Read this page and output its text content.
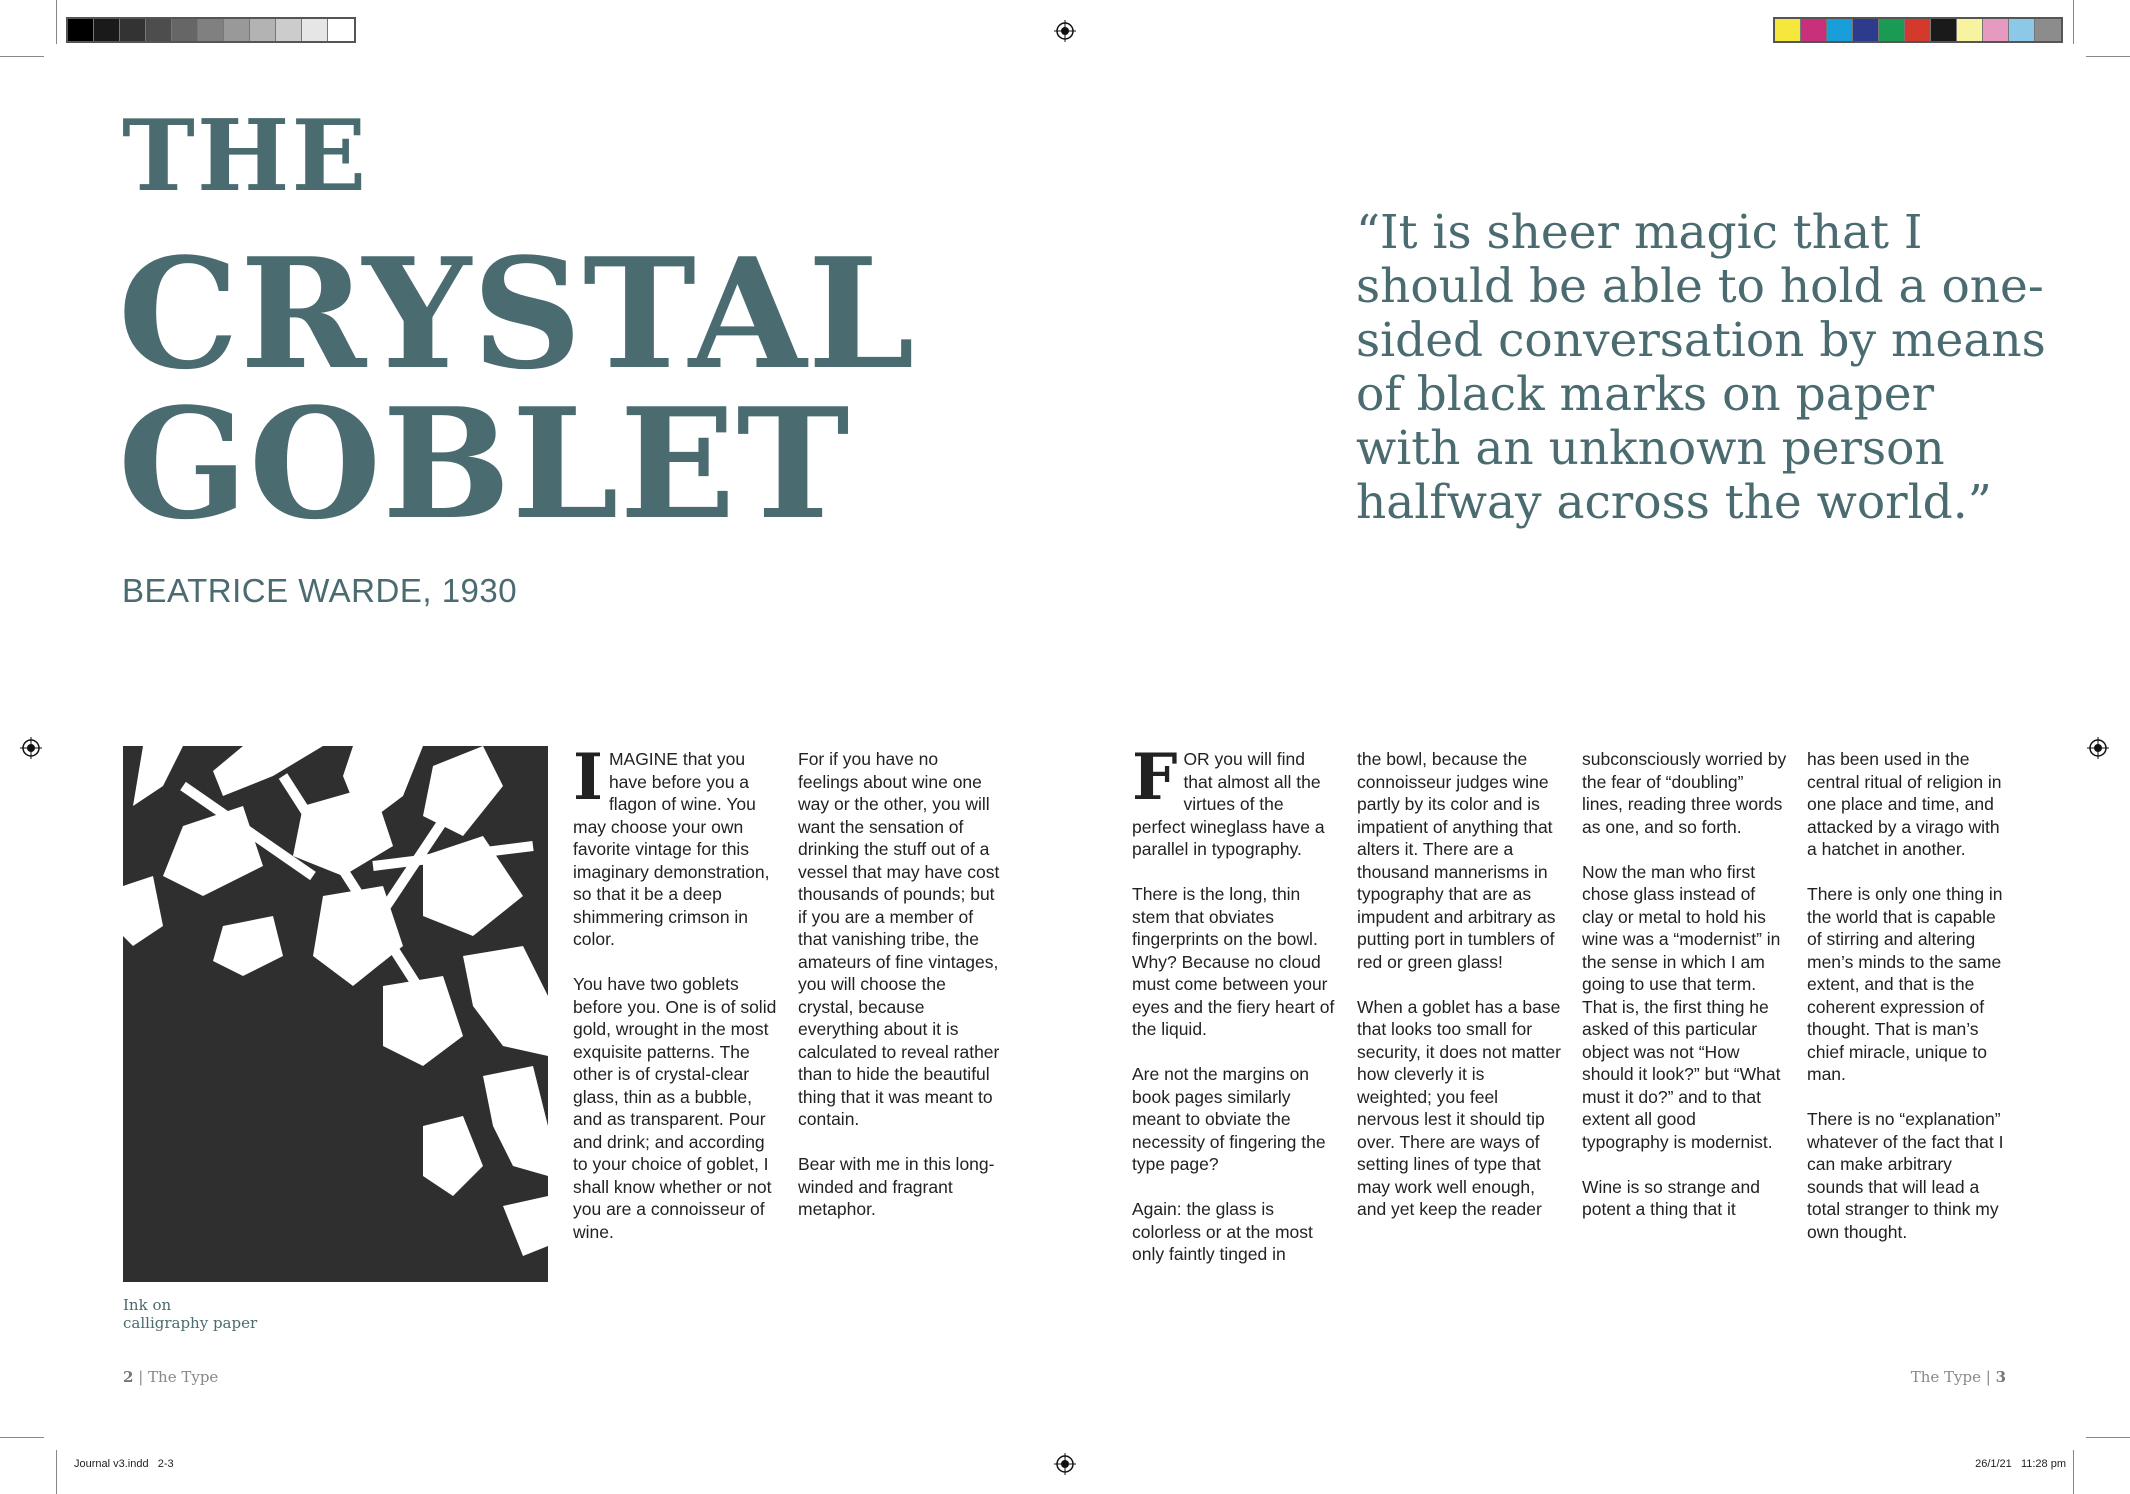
THE
CRYSTAL
GOBLET
BEATRICE WARDE, 1930
“It is sheer magic that I should be able to hold a one-sided conversation by means of black marks on paper with an unknown person halfway across the world.”
Ink on
calligraphy paper

IMAGINE that you have before you a flagon of wine. You may choose your own favorite vintage for this imaginary demonstration, so that it be a deep shimmering crimson in color.

You have two goblets before you. One is of solid gold, wrought in the most exquisite patterns. The other is of crystal-clear glass, thin as a bubble, and as transparent. Pour and drink; and according to your choice of goblet, I shall know whether or not you are a connoisseur of wine.

For if you have no feelings about wine one way or the other, you will want the sensation of drinking the stuff out of a vessel that may have cost thousands of pounds; but if you are a member of that vanishing tribe, the amateurs of fine vintages, you will choose the crystal, because everything about it is calculated to reveal rather than to hide the beautiful thing that it was meant to contain.

Bear with me in this long-winded and fragrant metaphor.

FOR you will find that almost all the virtues of the perfect wineglass have a parallel in typography.

There is the long, thin stem that obviates fingerprints on the bowl. Why? Because no cloud must come between your eyes and the fiery heart of the liquid.

Are not the margins on book pages similarly meant to obviate the necessity of fingering the type page?

Again: the glass is colorless or at the most only faintly tinged in

the bowl, because the connoisseur judges wine partly by its color and is impatient of anything that alters it. There are a thousand mannerisms in typography that are as impudent and arbitrary as putting port in tumblers of red or green glass!

When a goblet has a base that looks too small for security, it does not matter how cleverly it is weighted; you feel nervous lest it should tip over. There are ways of setting lines of type that may work well enough, and yet keep the reader

subconsciously worried by the fear of “doubling” lines, reading three words as one, and so forth.

Now the man who first chose glass instead of clay or metal to hold his wine was a “modernist” in the sense in which I am going to use that term. That is, the first thing he asked of this particular object was not “How should it look?” but “What must it do?” and to that extent all good typography is modernist.

Wine is so strange and potent a thing that it

has been used in the central ritual of religion in one place and time, and attacked by a virago with a hatchet in another.

There is only one thing in the world that is capable of stirring and altering men’s minds to the same extent, and that is the coherent expression of thought. That is man’s chief miracle, unique to man.

There is no “explanation” whatever of the fact that I can make arbitrary sounds that will lead a total stranger to think my own thought.

2 | The Type	The Type | 3
Journal v3.indd   2-3	26/1/21   11:28 pm
